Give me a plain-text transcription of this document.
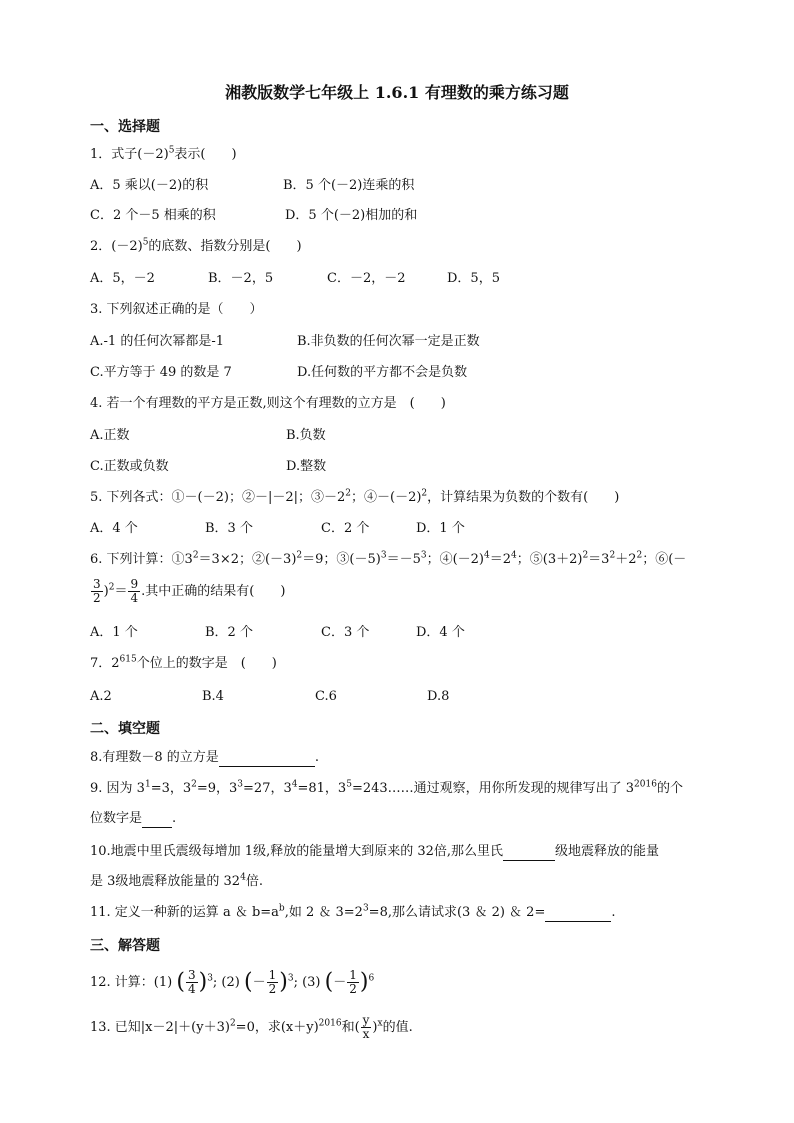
湘教版数学七年级上 1.6.1 有理数的乘方练习题
一、选择题
1．式子$(-2)^5$表示(　　)
A．5 乘以(－2)的积	B．5 个(－2)连乘的积
C．2 个－5 相乘的积	D．5 个(－2)相加的和
2．$(-2)^5$的底数、指数分别是(　　)
A．5，－2	B．－2，5	C．－2，－2	D．5，5
3. 下列叙述正确的是（　　）
A.-1 的任何次幂都是-1	B.非负数的任何次幂一定是正数
C.平方等于 49 的数是 7	D.任何数的平方都不会是负数
4. 若一个有理数的平方是正数,则这个有理数的立方是　(　　)
A.正数	B.负数
C.正数或负数	D.整数
5. 下列各式：①－(－2)；②－|－2|；$③-2^2$；$④-(-2)^2$，计算结果为负数的个数有(　　)
A．4 个	B．3 个	C．2 个	D．1 个
6. 下列计算：$①3^2=3\times 2$；$②(-3)^2=9$；$③(-5)^3=-5^3$；$④(-2)^4=2^4$；$⑤(3+2)^2=3^2+2^2$；⑥(－
$\frac{3}{2} )^2= \frac{9}{4}$ .其中正确的结果有(　　)
A．1 个	B．2 个	C．3 个	D．4 个
7．$2^{615}$个位上的数字是　(　　)
A.2	B.4	C.6	D.8
二、填空题
8.有理数－8 的立方是	.
9. 因为 $3^1=3$，$3^2=9$，$3^3=27$，$3^4=81$，$3^5=243\dots\dots$通过观察，用你所发现的规律写出了 $3^{2016}$的个
位数字是 .
10.地震中里氏震级每增加 1级,释放的能量增大到原来的 32倍,那么里氏	级地震释放的能量
是 3级地震释放能量的 $32^4$倍.
11. 定义一种新的运算 a ＆ $b=a^b$,如 2 ＆ $3=2^3=8$,那么请试求(3 ＆ 2) ＆ 2=	.
三、解答题
12. 计算：(1) ( $\frac{3}{4} )^3$; (2) (－ $\frac{1}{2} )^3$; (3) (－ $\frac{1}{2} )^6$
13. 已知$|x-2|+(y+3)^2=0$，求$(x+y)^{2016}$和( $\frac{y}{x} )^x$的值.
